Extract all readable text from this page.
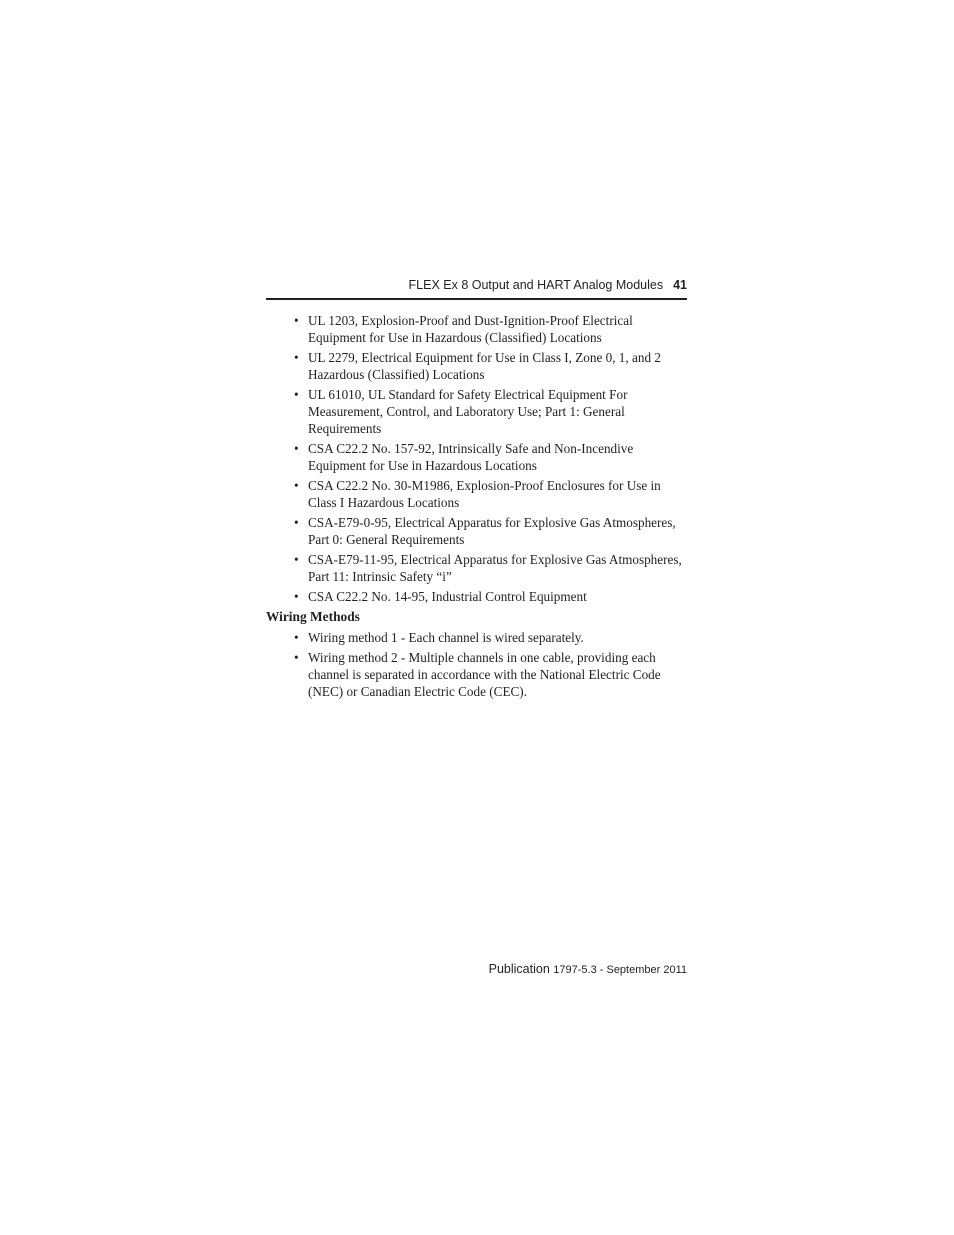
FLEX Ex 8 Output and HART Analog Modules 41
• UL 1203, Explosion-Proof and Dust-Ignition-Proof Electrical Equipment for Use in Hazardous (Classified) Locations
• UL 2279, Electrical Equipment for Use in Class I, Zone 0, 1, and 2 Hazardous (Classified) Locations
• UL 61010, UL Standard for Safety Electrical Equipment For Measurement, Control, and Laboratory Use; Part 1: General Requirements
• CSA C22.2 No. 157-92, Intrinsically Safe and Non-Incendive Equipment for Use in Hazardous Locations
• CSA C22.2 No. 30-M1986, Explosion-Proof Enclosures for Use in Class I Hazardous Locations
• CSA-E79-0-95, Electrical Apparatus for Explosive Gas Atmospheres, Part 0: General Requirements
• CSA-E79-11-95, Electrical Apparatus for Explosive Gas Atmospheres, Part 11: Intrinsic Safety “i”
• CSA C22.2 No. 14-95, Industrial Control Equipment
Wiring Methods
• Wiring method 1 - Each channel is wired separately.
• Wiring method 2 - Multiple channels in one cable, providing each channel is separated in accordance with the National Electric Code (NEC) or Canadian Electric Code (CEC).
Publication 1797-5.3 - September 2011
